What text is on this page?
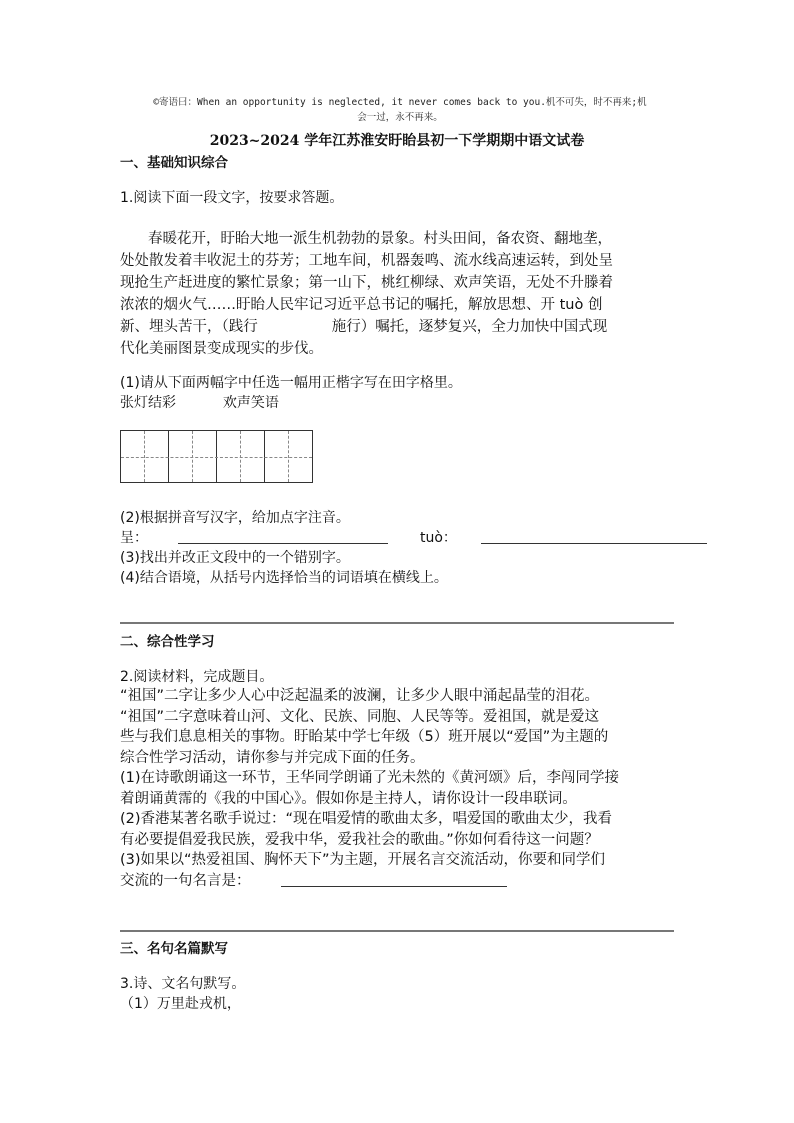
©寄语曰：When an opportunity is neglected, it never comes back to you.机不可失，时不再来;机
会一过，永不再来。
2023~2024 学年江苏淮安盱眙县初一下学期期中语文试卷
一、基础知识综合
1.阅读下面一段文字，按要求答题。

春暖花开，盱眙大地一派生机勃勃的景象。村头田间，备农资、翻地垄，

处处散发着丰收泥土的芬芳；工地车间，机器轰鸣、流水线高速运转，到处呈

现抢生产赶进度的繁忙景象；第一山下，桃红柳绿、欢声笑语，无处不升滕着

浓浓的烟火气……盱眙人民牢记习近平总书记的嘱托，解放思想、开 tuò 创

新、埋头苦干，（践行	施行）嘱托，逐梦复兴，全力加快中国式现

代化美丽图景变成现实的步伐。

(1)请从下面两幅字中任选一幅用正楷字写在田字格里。
张灯结彩	欢声笑语
(2)根据拼音写汉字，给加点字注音。
呈：	tuò：
(3)找出并改正文段中的一个错别字。
(4)结合语境，从括号内选择恰当的词语填在横线上。
二、综合性学习
2.阅读材料，完成题目。

“祖国”二字让多少人心中泛起温柔的波澜，让多少人眼中涌起晶莹的泪花。

“祖国”二字意味着山河、文化、民族、同胞、人民等等。爱祖国，就是爱这

些与我们息息相关的事物。盱眙某中学七年级（5）班开展以“爱国”为主题的

综合性学习活动，请你参与并完成下面的任务。

(1)在诗歌朗诵这一环节，王华同学朗诵了光未然的《黄河颂》后，李闯同学接

着朗诵黄霈的《我的中国心》。假如你是主持人，请你设计一段串联词。

(2)香港某著名歌手说过：“现在唱爱情的歌曲太多，唱爱国的歌曲太少，我看

有必要提倡爱我民族，爱我中华，爱我社会的歌曲。”你如何看待这一问题？

(3)如果以“热爱祖国、胸怀天下”为主题，开展名言交流活动，你要和同学们

交流的一句名言是：

三、名句名篇默写
3.诗、文名句默写。
（1）万里赴戎机，
